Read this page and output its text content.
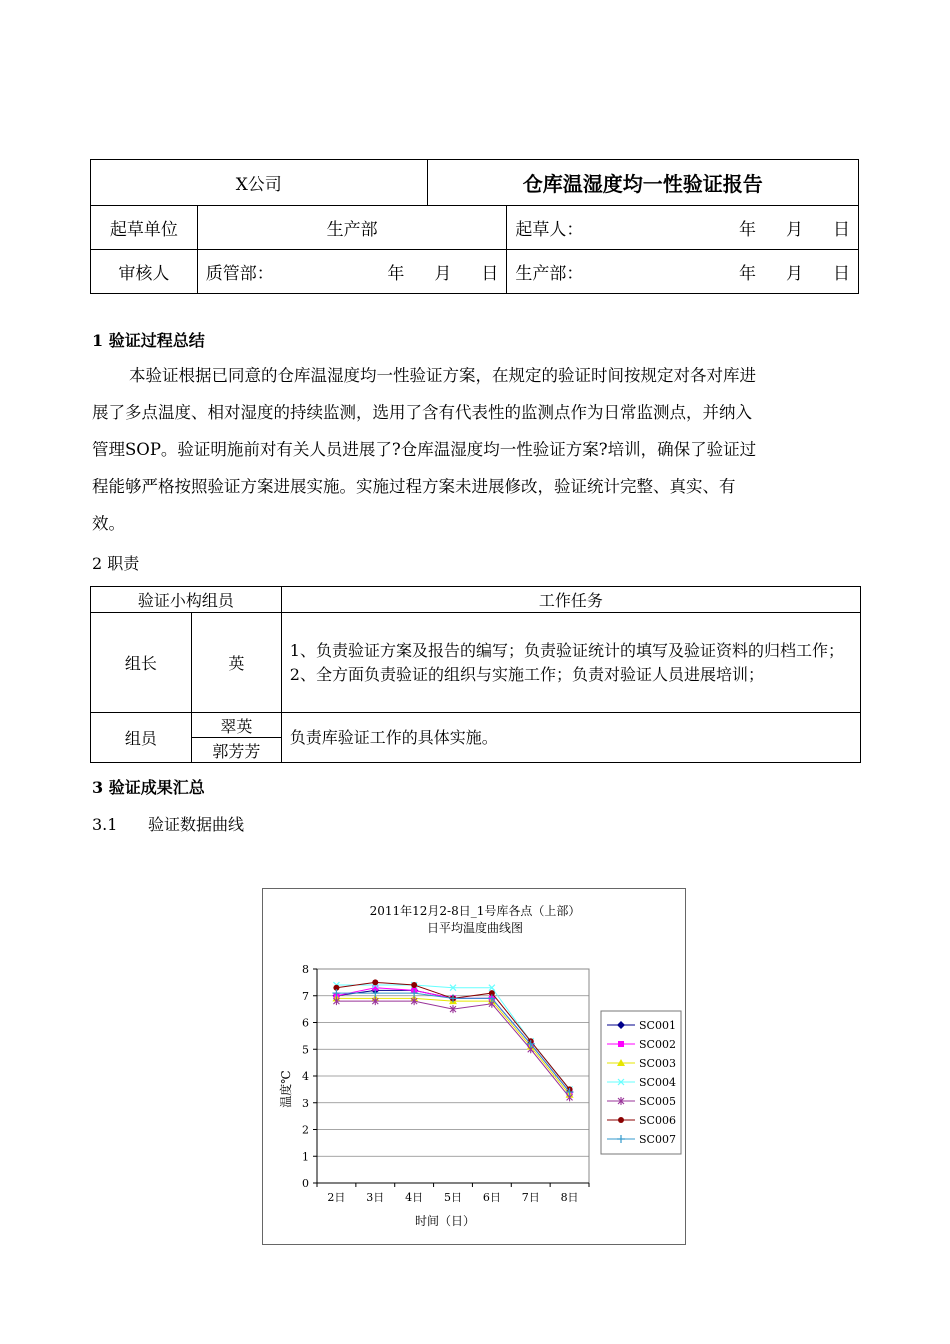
X公司		仓库温湿度均一性验证报告	
起草单位	生产部		起草人： 年 月 日

审核人	质管部： 年 月 日		生产部： 年 月 日
1 验证过程总结
本验证根据已同意的仓库温湿度均一性验证方案，在规定的验证时间按规定对各对库进
展了多点温度、相对湿度的持续监测，选用了含有代表性的监测点作为日常监测点，并纳入
管理SOP。验证明施前对有关人员进展了?仓库温湿度均一性验证方案?培训，确保了验证过
程能够严格按照验证方案进展实施。实施过程方案未进展修改，验证统计完整、真实、有
效。
2 职责
验证小构组员		工作任务
组长	英	1、负责验证方案及报告的编写；负责验证统计的填写及验证资料的归档工作；
2、全方面负责验证的组织与实施工作；负责对验证人员进展培训；

组员	翠英	负责库验证工作的具体实施。
	郭芳芳	
3 验证成果汇总
3.1      验证数据曲线
2011年12月2-8日_1号库各点（上部）
日平均温度曲线图
时间（日）
温度℃
0
1
2
3
4
5
6
7
8
2日 3日 4日 5日 6日 7日 8日
SC001
SC002
SC003
SC004
SC005
SC006
SC007
